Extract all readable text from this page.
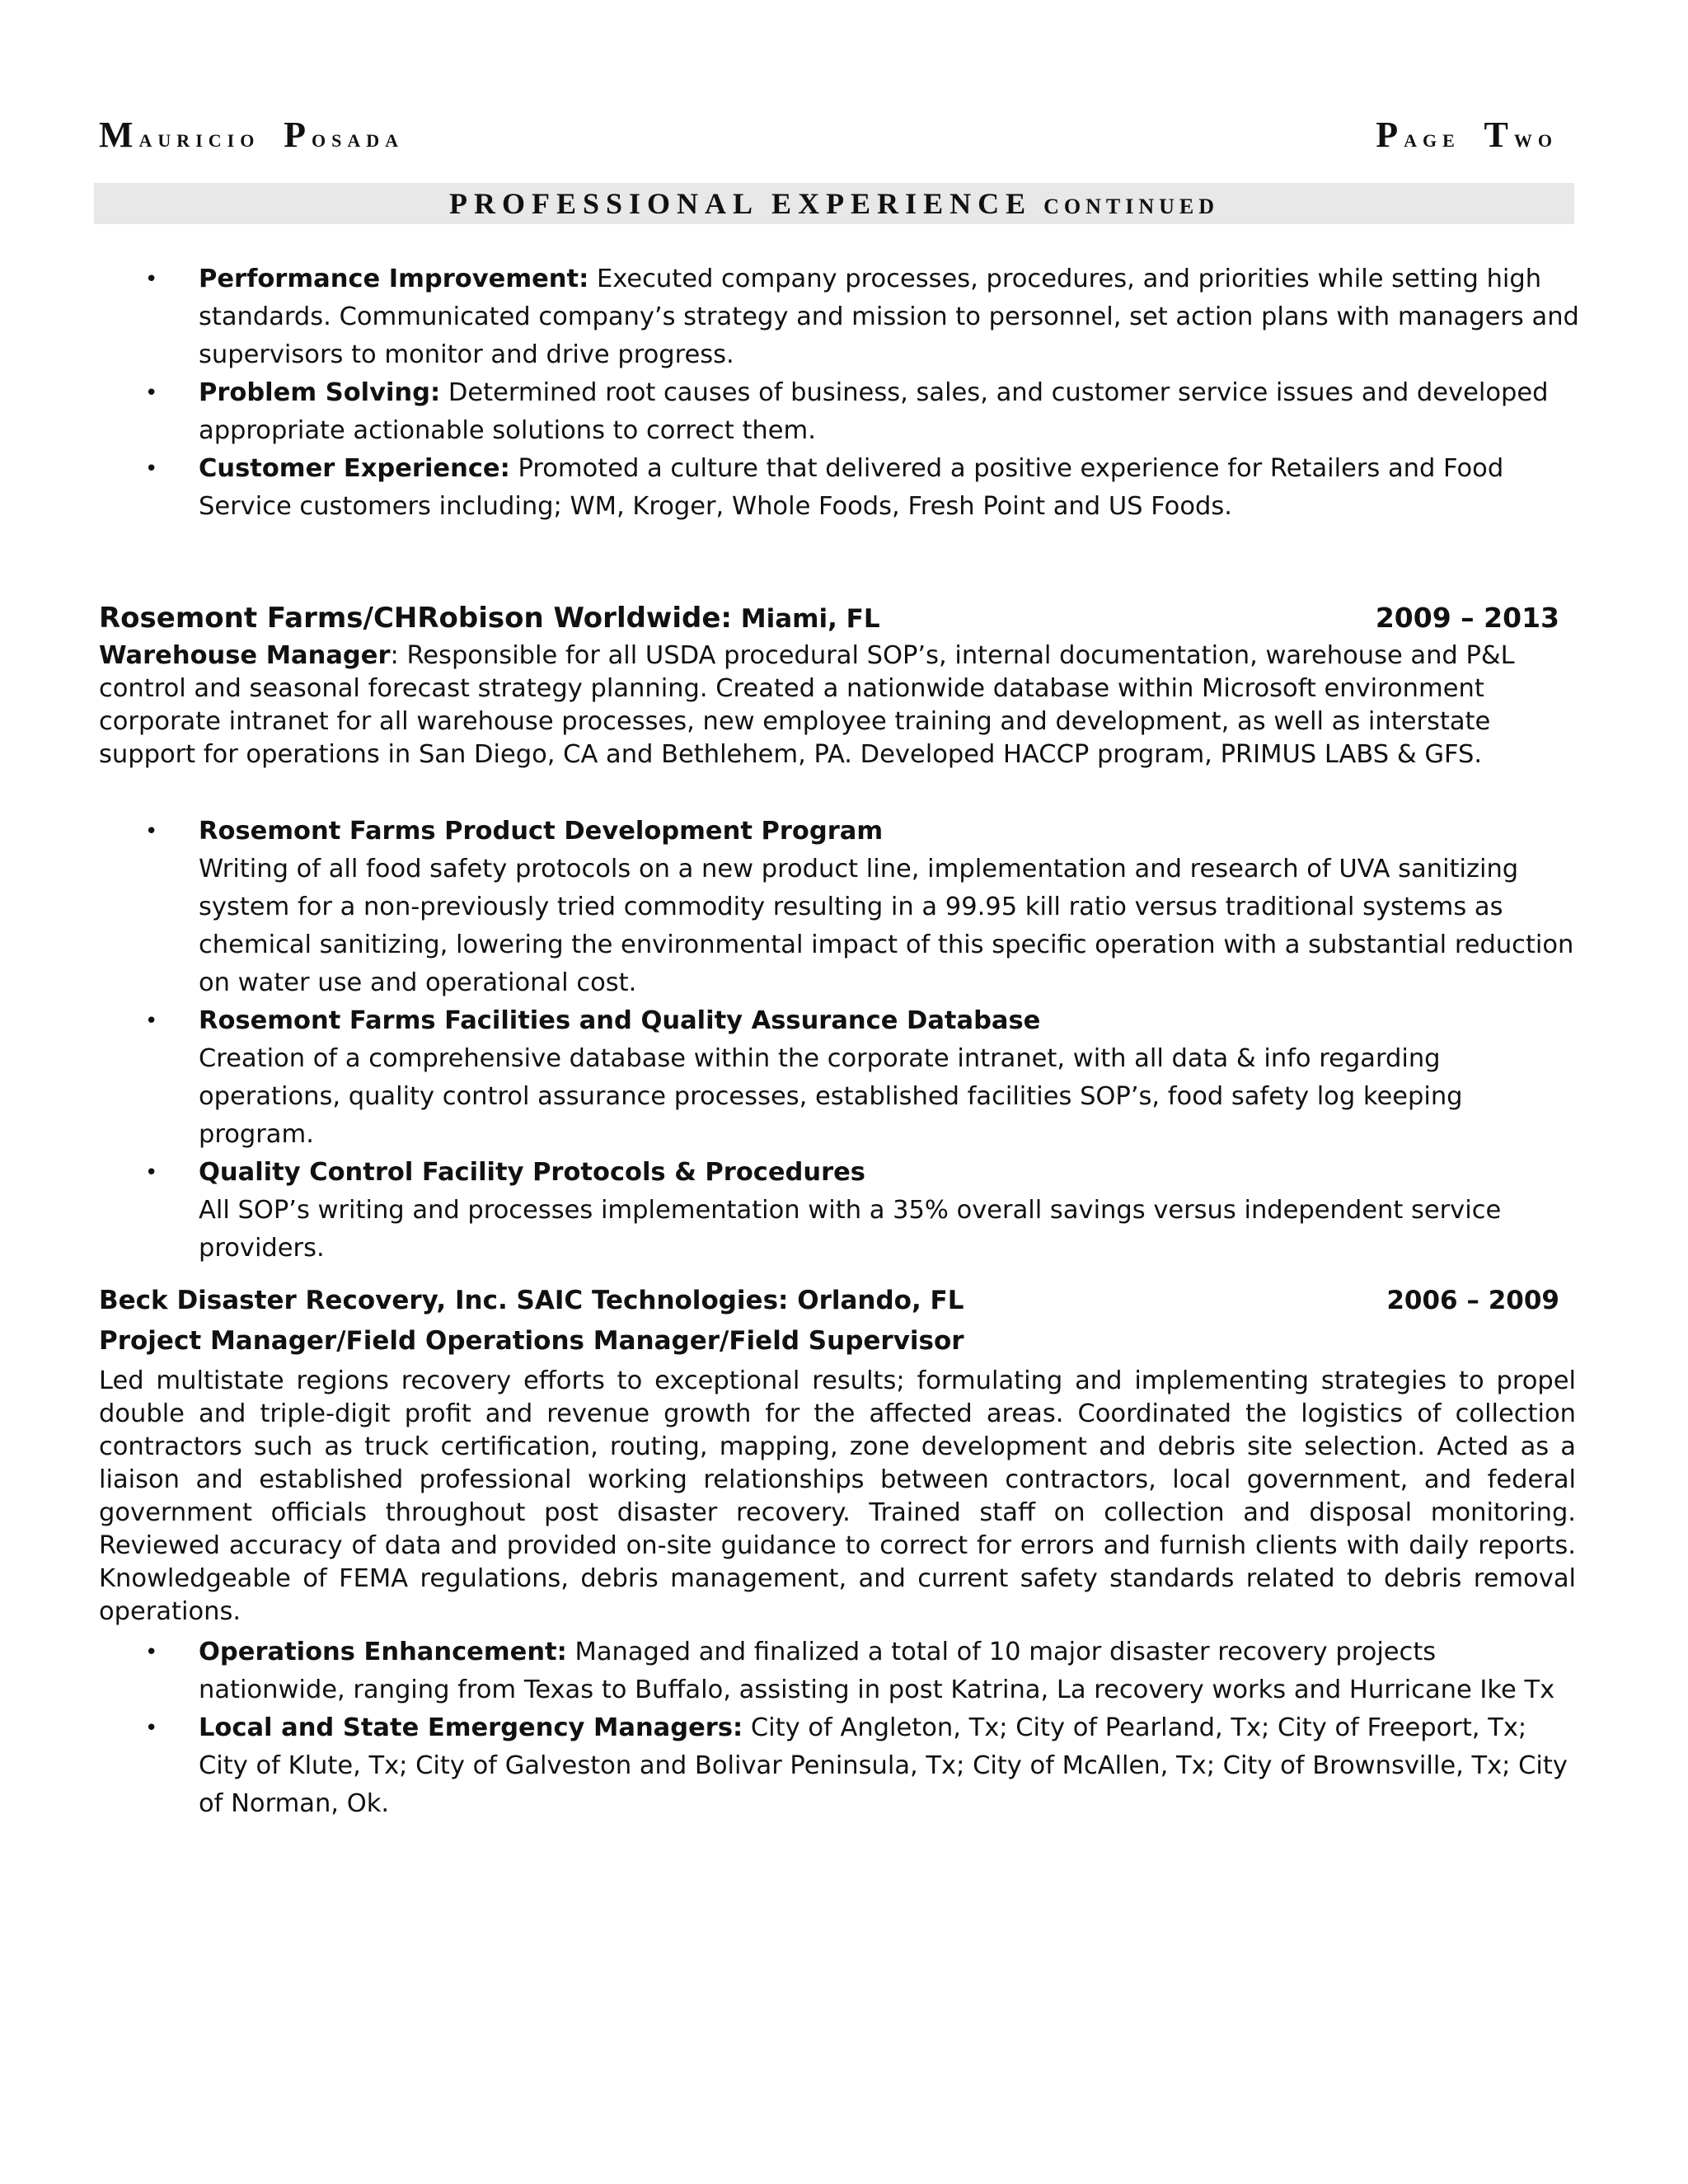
Mauricio Posada	Page Two
PROFESSIONAL EXPERIENCE CONTINUED
• Performance Improvement: Executed company processes, procedures, and priorities while setting high standards. Communicated company’s strategy and mission to personnel, set action plans with managers and supervisors to monitor and drive progress.
• Problem Solving: Determined root causes of business, sales, and customer service issues and developed appropriate actionable solutions to correct them.
• Customer Experience: Promoted a culture that delivered a positive experience for Retailers and Food Service customers including; WM, Kroger, Whole Foods, Fresh Point and US Foods.
Rosemont Farms/CHRobison Worldwide: Miami, FL	2009 – 2013
Warehouse Manager: Responsible for all USDA procedural SOP’s, internal documentation, warehouse and P&L control and seasonal forecast strategy planning. Created a nationwide database within Microsoft environment corporate intranet for all warehouse processes, new employee training and development, as well as interstate support for operations in San Diego, CA and Bethlehem, PA. Developed HACCP program, PRIMUS LABS & GFS.
• Rosemont Farms Product Development Program
Writing of all food safety protocols on a new product line, implementation and research of UVA sanitizing system for a non-previously tried commodity resulting in a 99.95 kill ratio versus traditional systems as chemical sanitizing, lowering the environmental impact of this specific operation with a substantial reduction on water use and operational cost.
• Rosemont Farms Facilities and Quality Assurance Database
Creation of a comprehensive database within the corporate intranet, with all data & info regarding operations, quality control assurance processes, established facilities SOP’s, food safety log keeping program.
• Quality Control Facility Protocols & Procedures
All SOP’s writing and processes implementation with a 35% overall savings versus independent service providers.
Beck Disaster Recovery, Inc. SAIC Technologies: Orlando, FL	2006 – 2009
Project Manager/Field Operations Manager/Field Supervisor
Led multistate regions recovery efforts to exceptional results; formulating and implementing strategies to propel double and triple-digit profit and revenue growth for the affected areas. Coordinated the logistics of collection contractors such as truck certification, routing, mapping, zone development and debris site selection. Acted as a liaison and established professional working relationships between contractors, local government, and federal government officials throughout post disaster recovery. Trained staff on collection and disposal monitoring. Reviewed accuracy of data and provided on-site guidance to correct for errors and furnish clients with daily reports. Knowledgeable of FEMA regulations, debris management, and current safety standards related to debris removal operations.
• Operations Enhancement: Managed and finalized a total of 10 major disaster recovery projects nationwide, ranging from Texas to Buffalo, assisting in post Katrina, La recovery works and Hurricane Ike Tx
• Local and State Emergency Managers: City of Angleton, Tx; City of Pearland, Tx; City of Freeport, Tx; City of Klute, Tx; City of Galveston and Bolivar Peninsula, Tx; City of McAllen, Tx; City of Brownsville, Tx; City of Norman, Ok.
